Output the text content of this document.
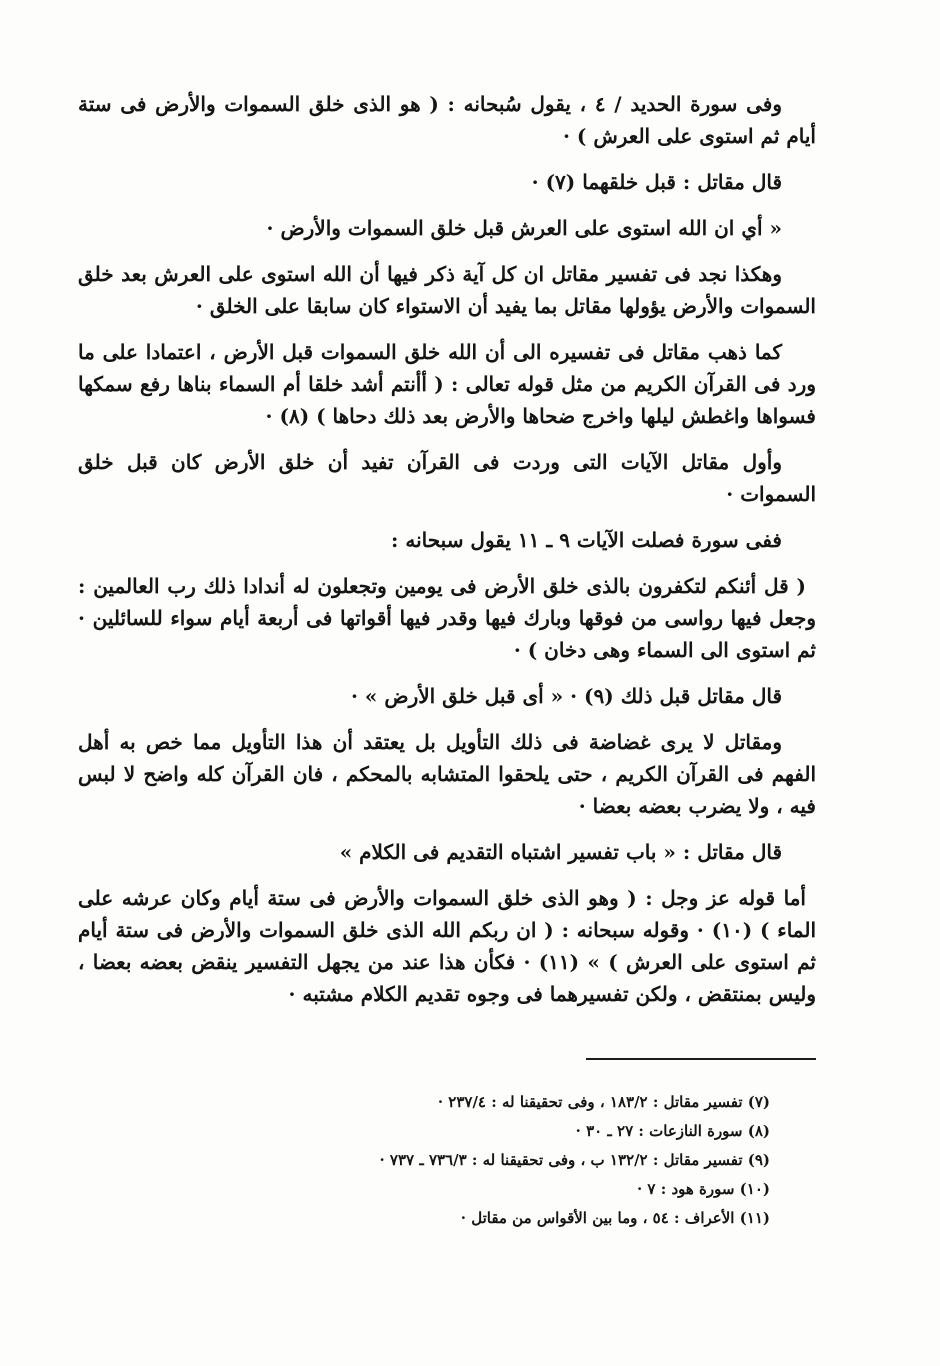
وفى سورة الحديد / ٤ ، يقول سُبحانه : ( هو الذى خلق السموات والأرض فى ستة أيام ثم استوى على العرش ) ·

قال مقاتل : قبل خلقهما (٧) ·

« أي ان الله استوى على العرش قبل خلق السموات والأرض ·

وهكذا نجد فى تفسير مقاتل ان كل آية ذكر فيها أن الله استوى على العرش بعد خلق السموات والأرض يؤولها مقاتل بما يفيد أن الاستواء كان سابقا على الخلق ·

كما ذهب مقاتل فى تفسيره الى أن الله خلق السموات قبل الأرض ، اعتمادا على ما ورد فى القرآن الكريم من مثل قوله تعالى : ( أأنتم أشد خلقا أم السماء بناها رفع سمكها فسواها واغطش ليلها واخرج ضحاها والأرض بعد ذلك دحاها ) (٨) ·

وأول مقاتل الآيات التى وردت فى القرآن تفيد أن خلق الأرض كان قبل خلق السموات ·

ففى سورة فصلت الآيات ٩ ـ ١١ يقول سبحانه :

( قل أئنكم لتكفرون بالذى خلق الأرض فى يومين وتجعلون له أندادا ذلك رب العالمين : وجعل فيها رواسى من فوقها وبارك فيها وقدر فيها أقواتها فى أربعة أيام سواء للسائلين · ثم استوى الى السماء وهى دخان ) ·

قال مقاتل قبل ذلك (٩) · « أى قبل خلق الأرض » ·

ومقاتل لا يرى غضاضة فى ذلك التأويل بل يعتقد أن هذا التأويل مما خص به أهل الفهم فى القرآن الكريم ، حتى يلحقوا المتشابه بالمحكم ، فان القرآن كله واضح لا لبس فيه ، ولا يضرب بعضه بعضا ·

قال مقاتل : « باب تفسير اشتباه التقديم فى الكلام »

أما قوله عز وجل : ( وهو الذى خلق السموات والأرض فى ستة أيام وكان عرشه على الماء ) (١٠) · وقوله سبحانه : ( ان ربكم الله الذى خلق السموات والأرض فى ستة أيام ثم استوى على العرش ) » (١١) · فكأن هذا عند من يجهل التفسير ينقض بعضه بعضا ، وليس بمنتقض ، ولكن تفسيرهما فى وجوه تقديم الكلام مشتبه ·

(٧) تفسير مقاتل : ١٨٣/٢ ، وفى تحقيقنا له : ٢٣٧/٤ ·
(٨) سورة النازعات : ٢٧ ـ ٣٠ ·
(٩) تفسير مقاتل : ١٣٢/٢ ب ، وفى تحقيقنا له : ٧٣٦/٣ ـ ٧٣٧ ·
(١٠) سورة هود : ٧ ·
(١١) الأعراف : ٥٤ ، وما بين الأقواس من مقاتل ·
